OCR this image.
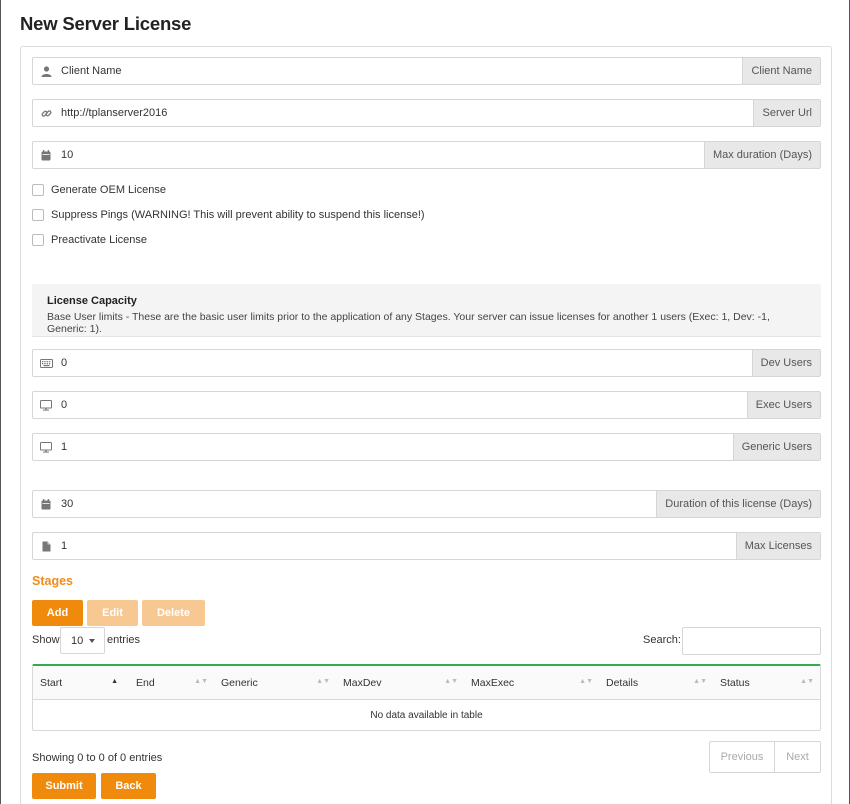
New Server License
Client Name	Client Name
http://tplanserver2016	Server Url
10	Max duration (Days)
Generate OEM License
Suppress Pings (WARNING! This will prevent ability to suspend this license!)
Preactivate License
License Capacity
Base User limits - These are the basic user limits prior to the application of any Stages. Your server can issue licenses for another 1 users (Exec: 1, Dev: -1, Generic: 1).
0	Dev Users
0	Exec Users
1	Generic Users
30	Duration of this license (Days)
1	Max Licenses
Stages
Add	Edit	Delete
Show 10 entries	Search:
Start	▲ End	▲▼ Generic	▲▼ MaxDev	▲▼ MaxExec	▲▼ Details	▲▼ Status	▲▼
No data available in table
Showing 0 to 0 of 0 entries	Previous	Next
Submit	Back
